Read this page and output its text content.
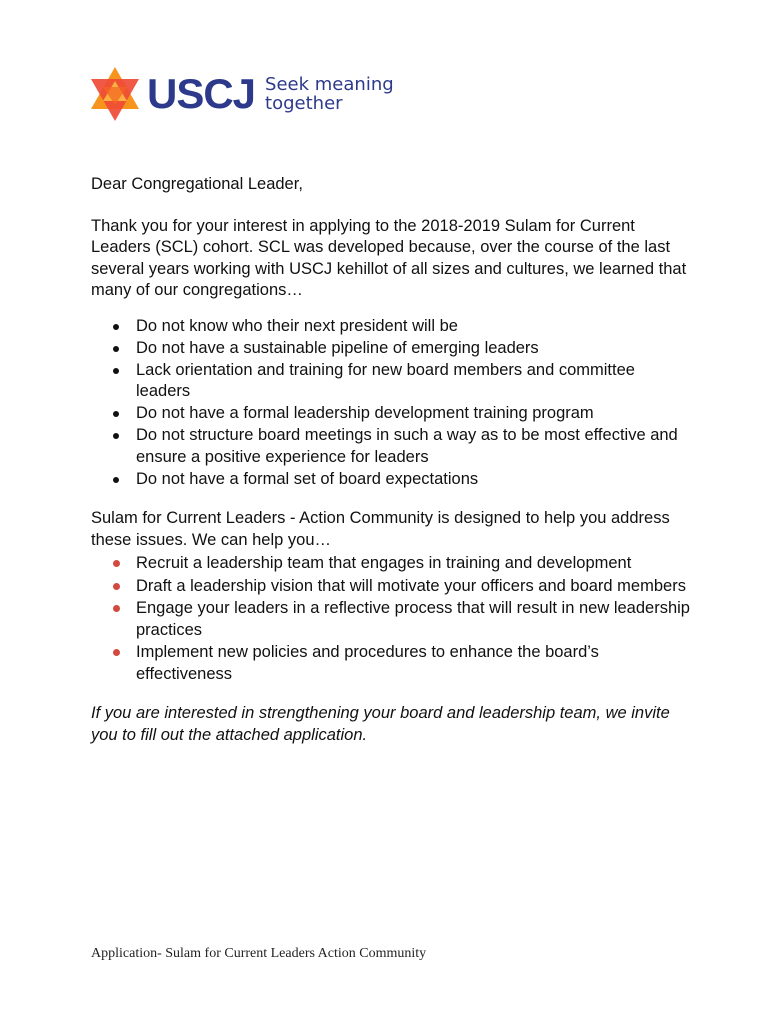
USCJ Seek meaning
together

Dear Congregational Leader,

Thank you for your interest in applying to the 2018-2019 Sulam for Current Leaders (SCL) cohort. SCL was developed because, over the course of the last several years working with USCJ kehillot of all sizes and cultures, we learned that many of our congregations…

Do not know who their next president will be
Do not have a sustainable pipeline of emerging leaders
Lack orientation and training for new board members and committee leaders
Do not have a formal leadership development training program
Do not structure board meetings in such a way as to be most effective and ensure a positive experience for leaders
Do not have a formal set of board expectations

Sulam for Current Leaders - Action Community is designed to help you address these issues. We can help you…

Recruit a leadership team that engages in training and development
Draft a leadership vision that will motivate your officers and board members
Engage your leaders in a reflective process that will result in new leadership practices
Implement new policies and procedures to enhance the board’s effectiveness

If you are interested in strengthening your board and leadership team, we invite you to fill out the attached application.

Application- Sulam for Current Leaders Action Community
